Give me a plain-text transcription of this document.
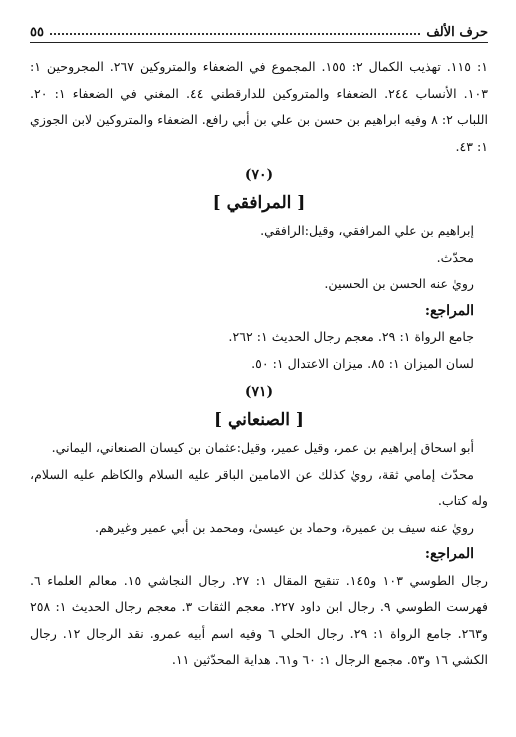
حرف الألف
٥٥

١: ١١٥. تهذيب الكمال ٢: ١٥٥. المجموع في الضعفاء والمتروكين ٢٦٧. المجروحين ١: ١٠٣. الأنساب ٢٤٤. الضعفاء والمتروكين للدارقطني ٤٤. المغني في الضعفاء ١: ٢٠. اللباب ٢: ٨ وفيه ابراهيم بن حسن بن علي بن أبي رافع. الضعفاء والمتروكين لابن الجوزي ١: ٤٣.

(٧٠)
[ المرافقي ]

إبراهيم بن علي المرافقي، وقيل:الرافقي.

محدّث.

رويٰ عنه الحسن بن الحسين.

المراجع:

جامع الرواة ١: ٢٩. معجم رجال الحديث ١: ٢٦٢.

لسان الميزان ١: ٨٥. ميزان الاعتدال ١: ٥٠.

(٧١)
[ الصنعاني ]

أبو اسحاق إبراهيم بن عمر، وقيل عمير، وقيل:عثمان بن كيسان الصنعاني، اليماني.

محدّث إمامي ثقة، رويٰ كذلك عن الامامين الباقر عليه السلام والكاظم عليه السلام، وله كتاب.

رويٰ عنه سيف بن عميرة، وحماد بن عيسىٰ، ومحمد بن أبي عمير وغيرهم.

المراجع:

رجال الطوسي ١٠٣ و١٤٥. تنقيح المقال ١: ٢٧. رجال النجاشي ١٥. معالم العلماء ٦. فهرست الطوسي ٩. رجال ابن داود ٢٢٧. معجم الثقات ٣. معجم رجال الحديث ١: ٢٥٨ و٢٦٣. جامع الرواة ١: ٢٩. رجال الحلي ٦ وفيه اسم أبيه عمرو. نقد الرجال ١٢. رجال الكشي ١٦ و٥٣. مجمع الرجال ١: ٦٠ و٦١. هداية المحدّثين ١١.
